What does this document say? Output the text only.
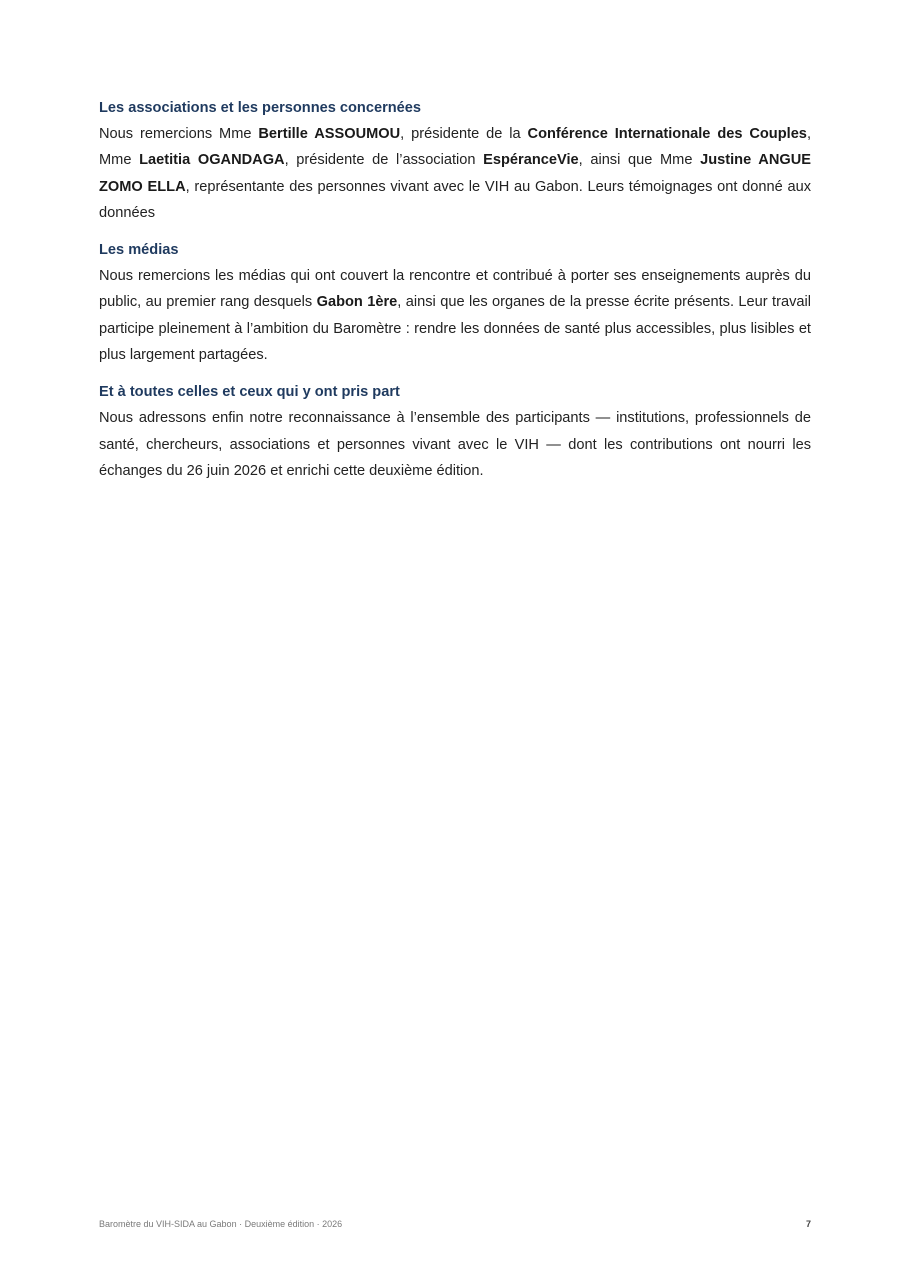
Les associations et les personnes concernées

Nous remercions Mme Bertille ASSOUMOU, présidente de la Conférence Internationale des Couples, Mme Laetitia OGANDAGA, présidente de l’association EspéranceVie, ainsi que Mme Justine ANGUE ZOMO ELLA, représentante des personnes vivant avec le VIH au Gabon. Leurs témoignages ont donné aux données

Les médias

Nous remercions les médias qui ont couvert la rencontre et contribué à porter ses enseignements auprès du public, au premier rang desquels Gabon 1ère, ainsi que les organes de la presse écrite présents. Leur travail participe pleinement à l’ambition du Baromètre : rendre les données de santé plus accessibles, plus lisibles et plus largement partagées.

Et à toutes celles et ceux qui y ont pris part

Nous adressons enfin notre reconnaissance à l’ensemble des participants — institutions, professionnels de santé, chercheurs, associations et personnes vivant avec le VIH — dont les contributions ont nourri les échanges du 26 juin 2026 et enrichi cette deuxième édition.

Baromètre du VIH-SIDA au Gabon · Deuxième édition · 2026	7
